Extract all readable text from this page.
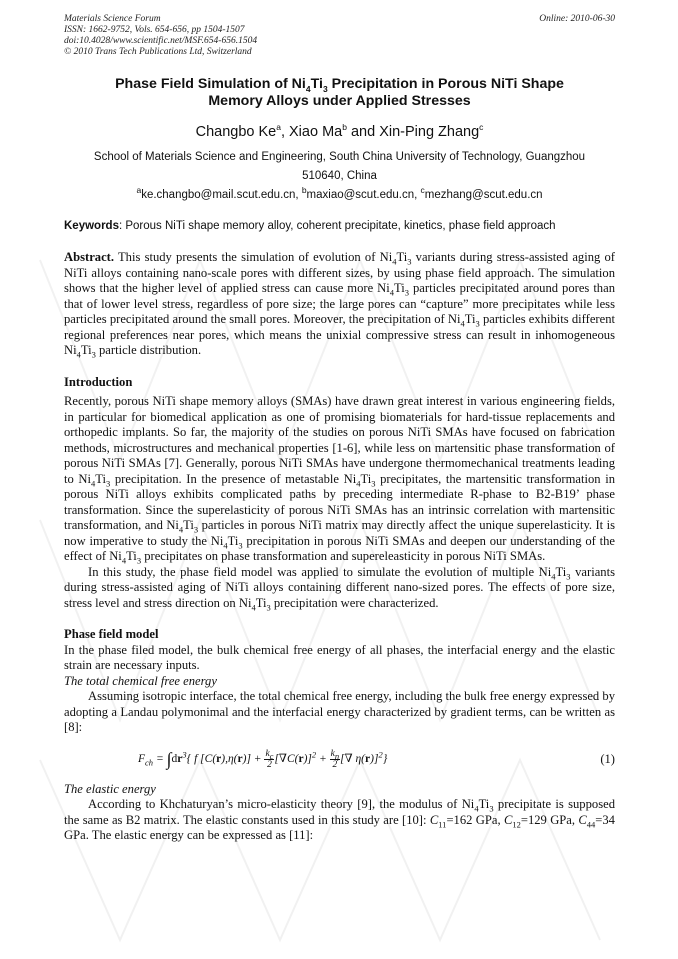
Online: 2010-06-30
Materials Science Forum
ISSN: 1662-9752, Vols. 654-656, pp 1504-1507
doi:10.4028/www.scientific.net/MSF.654-656.1504
© 2010 Trans Tech Publications Ltd, Switzerland
Phase Field Simulation of $Ni_4Ti_3$ Precipitation in Porous NiTi Shape
Memory Alloys under Applied Stresses
Changbo Ke$^a$, Xiao Ma$^b$ and Xin-Ping Zhang$^c$
School of Materials Science and Engineering, South China University of Technology, Guangzhou
510640, China
$^a$ke.changbo@mail.scut.edu.cn, $^b$maxiao@scut.edu.cn, $^c$mezhang@scut.edu.cn
Keywords: Porous NiTi shape memory alloy, coherent precipitate, kinetics, phase field approach

Abstract. This study presents the simulation of evolution of $Ni_4Ti_3$ variants during stress-assisted aging of NiTi alloys containing nano-scale pores with different sizes, by using phase field approach. The simulation shows that the higher level of applied stress can cause more $Ni_4Ti_3$ particles precipitated around pores than that of lower level stress, regardless of pore size; the large pores can “capture” more precipitates while less particles precipitated around the small pores. Moreover, the precipitation of $Ni_4Ti_3$ particles exhibits different regional preferences near pores, which means the unixial compressive stress can result in inhomogeneous $Ni_4Ti_3$ particle distribution.

Introduction

Recently, porous NiTi shape memory alloys (SMAs) have drawn great interest in various engineering fields, in particular for biomedical application as one of promising biomaterials for hard-tissue replacements and orthopedic implants. So far, the majority of the studies on porous NiTi SMAs have focused on fabrication methods, microstructures and mechanical properties [1-6], while less on martensitic phase transformation of porous NiTi SMAs [7]. Generally, porous NiTi SMAs have undergone thermomechanical treatments leading to $Ni_4Ti_3$ precipitation. In the presence of metastable $Ni_4Ti_3$ precipitates, the martensitic transformation in porous NiTi alloys exhibits complicated paths by preceding intermediate R-phase to B2-B19’ phase transformation. Since the superelasticity of porous NiTi SMAs has an intrinsic correlation with martensitic transformation, and $Ni_4Ti_3$ particles in porous NiTi matrix may directly affect the unique superelasticity. It is now imperative to study the $Ni_4Ti_3$ precipitation in porous NiTi SMAs and deepen our understanding of the effect of $Ni_4Ti_3$ precipitates on phase transformation and supereleasticity in porous NiTi SMAs.

In this study, the phase field model was applied to simulate the evolution of multiple $Ni_4Ti_3$ variants during stress-assisted aging of NiTi alloys containing different nano-sized pores. The effects of pore size, stress level and stress direction on $Ni_4Ti_3$ precipitation were characterized.

Phase field model

In the phase filed model, the bulk chemical free energy of all phases, the interfacial energy and the elastic strain are necessary inputs.

The total chemical free energy

Assuming isotropic interface, the total chemical free energy, including the bulk free energy expressed by adopting a Landau polymonimal and the interfacial energy characterized by gradient terms, can be written as [8]:

$F_{ch} = \int dr^3${ f $[C(r),\eta(r)] + \frac{k_c}{2}[\nabla C(r)]^2 + \frac{k_\eta}{2}[\nabla$ η(r)]$^2$}	(1)
The elastic energy

According to Khchaturyan’s micro-elasticity theory [9], the modulus of $Ni_4Ti_3$ precipitate is supposed the same as B2 matrix. The elastic constants used in this study are [10]: $C_{11}=162$ GPa, $C_{12}=129$ GPa, $C_{44}=34$ GPa. The elastic energy can be expressed as [11]:
